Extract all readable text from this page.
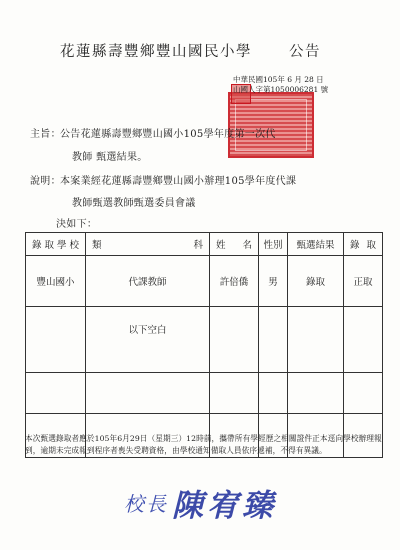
花蓮縣壽豐鄉豐山國民小學	公告
中華民國105年 6 月 28 日
山國人字第1050006281 號
主旨： 公告花蓮縣壽豐鄉豐山國小105學年度第一次代
教師 甄選結果。
說明： 本案業經花蓮縣壽豐鄉豐山國小辦理105學年度代課
教師甄選教師甄選委員會議
決如下：
錄取學校	類　　　　　　　科	姓 名	性別	甄選結果	錄 取
豐山國小	代課教師	許倍僑	男	錄取	正取
	以下空白				

本次甄選錄取者應於105年6月29日（星期三）12時前，攜帶所有學經歷之相關證件正本逕向學校辦理報到，逾期未完成報到程序者喪失受聘資格，由學校通知備取人員依序遞補，不得有異議。
校長 陳宥臻
